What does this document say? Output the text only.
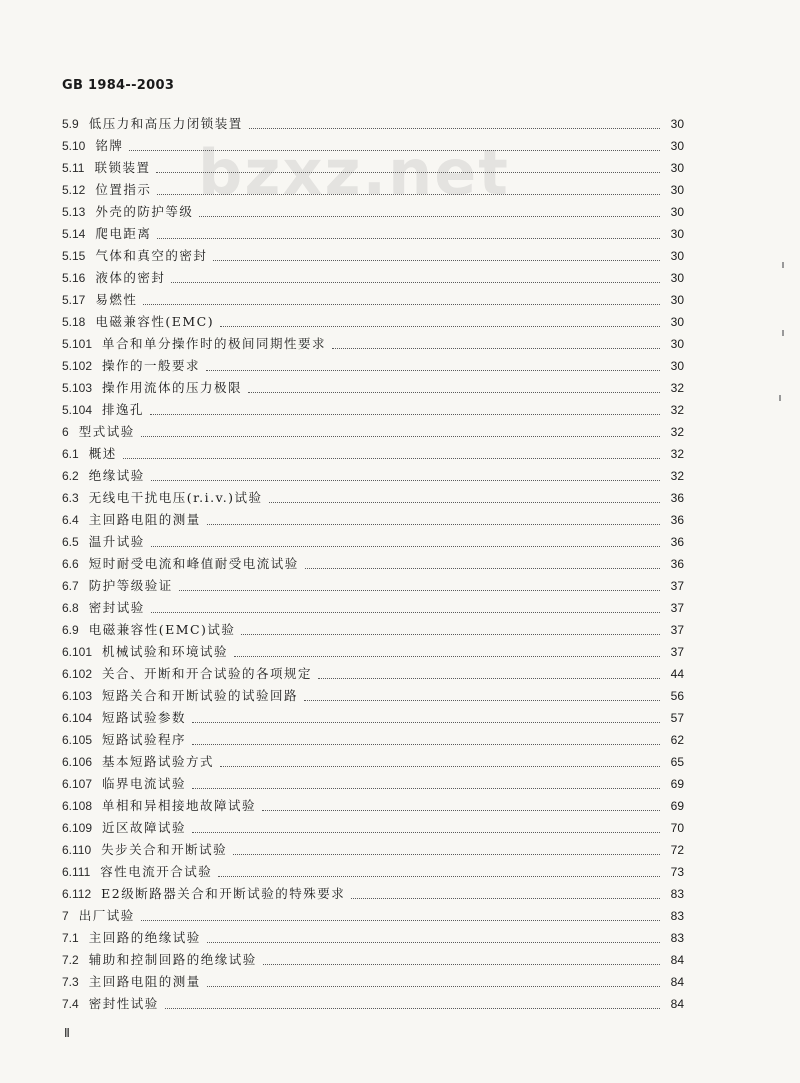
GB 1984--2003
bzxz.net
5.9 低压力和高压力闭锁装置	30
5.10 铭牌	30
5.11 联锁装置	30
5.12 位置指示	30
5.13 外壳的防护等级	30
5.14 爬电距离	30
5.15 气体和真空的密封	30
5.16 液体的密封	30
5.17 易燃性	30
5.18 电磁兼容性(EMC)	30
5.101 单合和单分操作时的极间同期性要求	30
5.102 操作的一般要求	30
5.103 操作用流体的压力极限	32
5.104 排逸孔	32
6 型式试验	32
6.1 概述	32
6.2 绝缘试验	32
6.3 无线电干扰电压(r.i.v.)试验	36
6.4 主回路电阻的测量	36
6.5 温升试验	36
6.6 短时耐受电流和峰值耐受电流试验	36
6.7 防护等级验证	37
6.8 密封试验	37
6.9 电磁兼容性(EMC)试验	37
6.101 机械试验和环境试验	37
6.102 关合、开断和开合试验的各项规定	44
6.103 短路关合和开断试验的试验回路	56
6.104 短路试验参数	57
6.105 短路试验程序	62
6.106 基本短路试验方式	65
6.107 临界电流试验	69
6.108 单相和异相接地故障试验	69
6.109 近区故障试验	70
6.110 失步关合和开断试验	72
6.111 容性电流开合试验	73
6.112 E2级断路器关合和开断试验的特殊要求	83
7 出厂试验	83
7.1 主回路的绝缘试验	83
7.2 辅助和控制回路的绝缘试验	84
7.3 主回路电阻的测量	84
7.4 密封性试验	84
Ⅱ
